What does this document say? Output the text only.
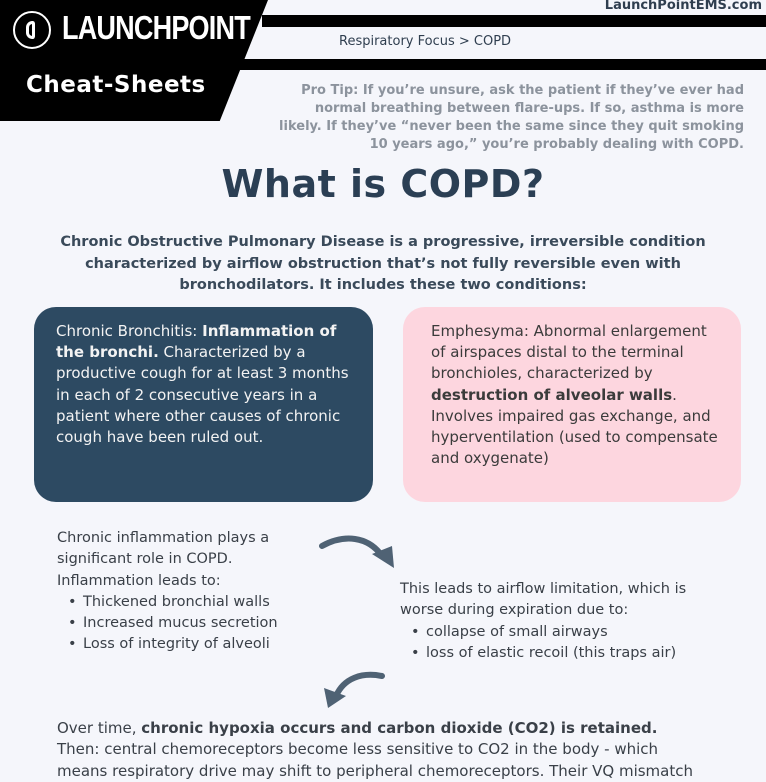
LAUNCHPOINT
Cheat-Sheets
LaunchPointEMS.com
Respiratory Focus > COPD
Pro Tip: If you’re unsure, ask the patient if they’ve ever had normal breathing between flare-ups. If so, asthma is more likely. If they’ve “never been the same since they quit smoking 10 years ago,” you’re probably dealing with COPD.
What is COPD?
Chronic Obstructive Pulmonary Disease is a progressive, irreversible condition characterized by airflow obstruction that’s not fully reversible even with bronchodilators. It includes these two conditions:
Chronic Bronchitis: Inflammation of the bronchi. Characterized by a productive cough for at least 3 months in each of 2 consecutive years in a patient where other causes of chronic cough have been ruled out.
Emphesyma: Abnormal enlargement of airspaces distal to the terminal bronchioles, characterized by destruction of alveolar walls. Involves impaired gas exchange, and hyperventilation (used to compensate and oxygenate)
Chronic inflammation plays a significant role in COPD. Inflammation leads to:
• Thickened bronchial walls
• Increased mucus secretion
• Loss of integrity of alveoli
This leads to airflow limitation, which is worse during expiration due to:
• collapse of small airways
• loss of elastic recoil (this traps air)
Over time, chronic hypoxia occurs and carbon dioxide (CO2) is retained.
Then: central chemoreceptors become less sensitive to CO2 in the body - which
means respiratory drive may shift to peripheral chemoreceptors. Their VQ mismatch
